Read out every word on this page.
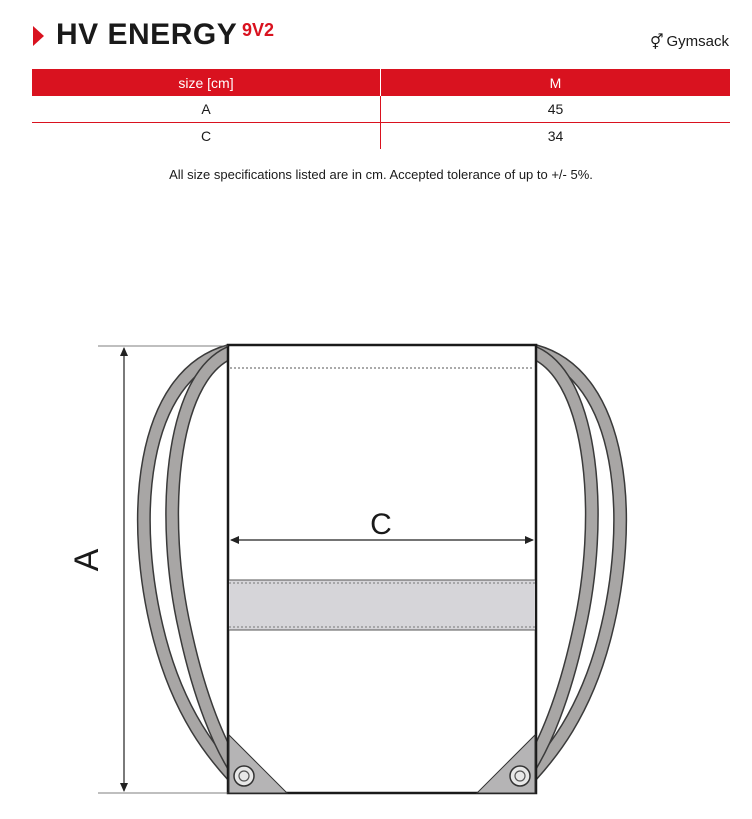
HV ENERGY 9V2
⚥ Gymsack
size [cm]	M
A	45
C	34
All size specifications listed are in cm. Accepted tolerance of up to +/- 5%.
A
C
